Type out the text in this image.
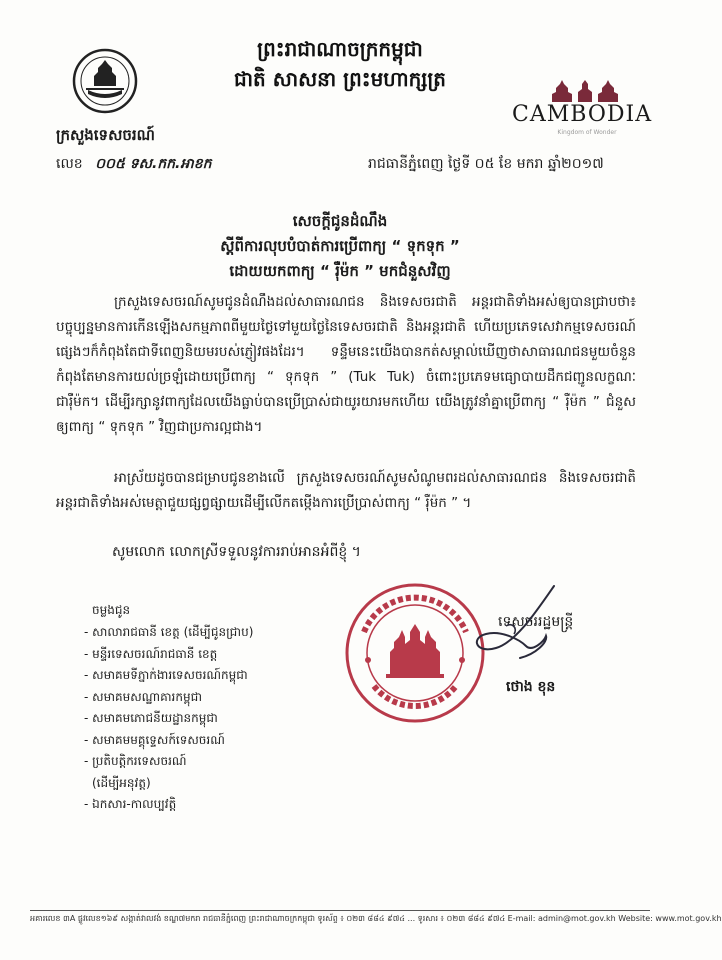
ព្រះរាជាណាចក្រកម្ពុជា
ជាតិ សាសនា ព្រះមហាក្សត្រ
CAMBODIA
Kingdom of Wonder
ក្រសួងទេសចរណ៍
លេខ ០០៥ ទស.កក.អាខក	រាជធានីភ្នំពេញ ថ្ងៃទី ០៥ ខែ មករា ឆ្នាំ២០១៧
សេចក្តីជូនដំណឹង
ស្តីពីការលុបបំបាត់ការប្រើពាក្យ “ ទុកទុក ”
ដោយយកពាក្យ “ រ៉ឺម៉ក ” មកជំនួសវិញ
ក្រសួងទេសចរណ៍សូមជូនដំណឹងដល់សាធារណជន និងទេសចរជាតិ អន្តរជាតិទាំងអស់ឲ្យបានជ្រាបថា៖ បច្ចុប្បន្នមានការកើនឡើងសកម្មភាពពីមួយថ្ងៃទៅមួយថ្ងៃនៃទេសចរជាតិ និងអន្តរជាតិ ហើយប្រភេទសេវាកម្មទេសចរណ៍ផ្សេងៗក៏កំពុងតែជាទីពេញនិយមរបស់ភ្ញៀវផងដែរ។ ទន្ទឹមនេះយើងបានកត់សម្គាល់ឃើញថាសាធារណជនមួយចំនួនកំពុងតែមានការយល់ច្រឡំដោយប្រើពាក្យ “ ទុកទុក ” (Tuk Tuk) ចំពោះប្រភេទមធ្យោបាយដឹកជញ្ជូនលក្ខណៈជារ៉ឺម៉ក។ ដើម្បីរក្សានូវពាក្យដែលយើងធ្លាប់បានប្រើប្រាស់ជាយូរយារមកហើយ យើងត្រូវនាំគ្នាប្រើពាក្យ “ រ៉ឺម៉ក ” ជំនួសឲ្យពាក្យ “ ទុកទុក ” វិញជាប្រការល្អជាង។
អាស្រ័យដូចបានជម្រាបជូនខាងលើ ក្រសួងទេសចរណ៍សូមសំណូមពរដល់សាធារណជន និងទេសចរជាតិ អន្តរជាតិទាំងអស់មេត្តាជួយផ្សព្វផ្សាយដើម្បីលើកតម្កើងការប្រើប្រាស់ពាក្យ “ រ៉ឺម៉ក ” ។
សូមលោក លោកស្រីទទួលនូវការរាប់អានអំពីខ្ញុំ ។
ចម្លងជូន
- សាលារាជធានី ខេត្ត (ដើម្បីជូនជ្រាប)
- មន្ទីរទេសចរណ៍រាជធានី ខេត្ត
- សមាគមទីភ្នាក់ងារទេសចរណ៍កម្ពុជា
- សមាគមសណ្ឋាគារកម្ពុជា
- សមាគមភោជនីយដ្ឋានកម្ពុជា
- សមាគមមគ្គុទ្ទេសក៍ទេសចរណ៍
- ប្រតិបត្តិករទេសចរណ៍
(ដើម្បីអនុវត្ត)
- ឯកសារ-កាលប្បវត្តិ
ទេសចររដ្ឋមន្ត្រី
ថោង ខុន
អគារលេខ ៣A ផ្លូវលេខ១៦៩ សង្កាត់វាលវង់ ខណ្ឌ៧មករា រាជធានីភ្នំពេញ ព្រះរាជាណាចក្រកម្ពុជា ទូរស័ព្ទ ៖ ០២៣ ៨៨៤ ៩៧៤ ... ទូរសារ ៖ ០២៣ ៨៨៤ ៩៧៤ E-mail: admin@mot.gov.kh Website: www.mot.gov.kh
